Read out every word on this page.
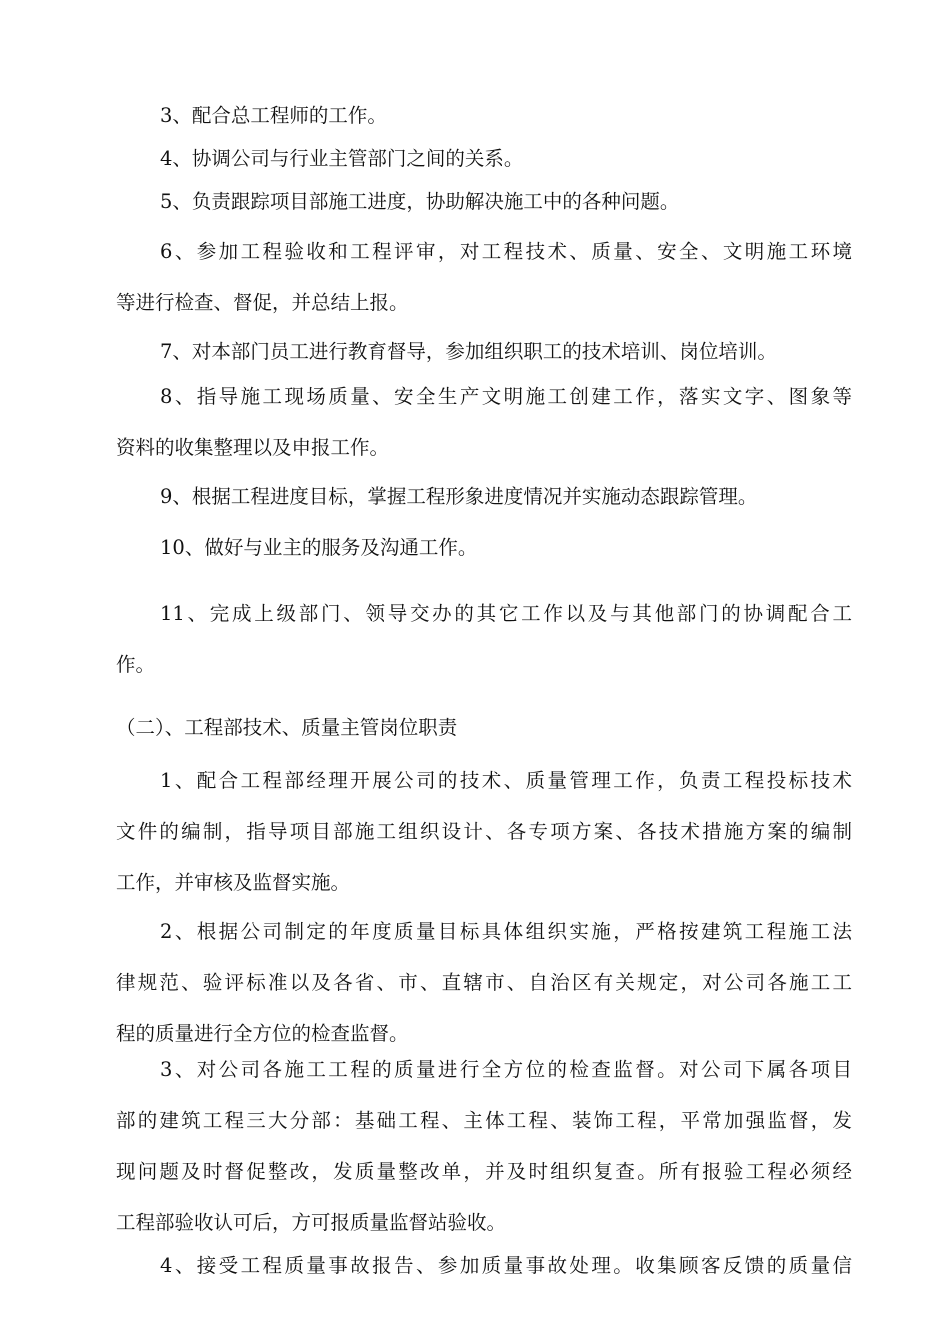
3、配合总工程师的工作。

4、协调公司与行业主管部门之间的关系。

5、负责跟踪项目部施工进度，协助解决施工中的各种问题。

6、参加工程验收和工程评审，对工程技术、质量、安全、文明施工环境
等进行检查、督促，并总结上报。

7、对本部门员工进行教育督导，参加组织职工的技术培训、岗位培训。

8、指导施工现场质量、安全生产文明施工创建工作，落实文字、图象等
资料的收集整理以及申报工作。

9、根据工程进度目标，掌握工程形象进度情况并实施动态跟踪管理。

10、做好与业主的服务及沟通工作。

11、完成上级部门、领导交办的其它工作以及与其他部门的协调配合工
作。

（二）、工程部技术、质量主管岗位职责

1、配合工程部经理开展公司的技术、质量管理工作，负责工程投标技术
文件的编制，指导项目部施工组织设计、各专项方案、各技术措施方案的编制
工作，并审核及监督实施。

2、根据公司制定的年度质量目标具体组织实施，严格按建筑工程施工法
律规范、验评标准以及各省、市、直辖市、自治区有关规定，对公司各施工工
程的质量进行全方位的检查监督。

3、对公司各施工工程的质量进行全方位的检查监督。对公司下属各项目
部的建筑工程三大分部：基础工程、主体工程、装饰工程，平常加强监督，发
现问题及时督促整改，发质量整改单，并及时组织复查。所有报验工程必须经
工程部验收认可后，方可报质量监督站验收。

4、接受工程质量事故报告、参加质量事故处理。收集顾客反馈的质量信
